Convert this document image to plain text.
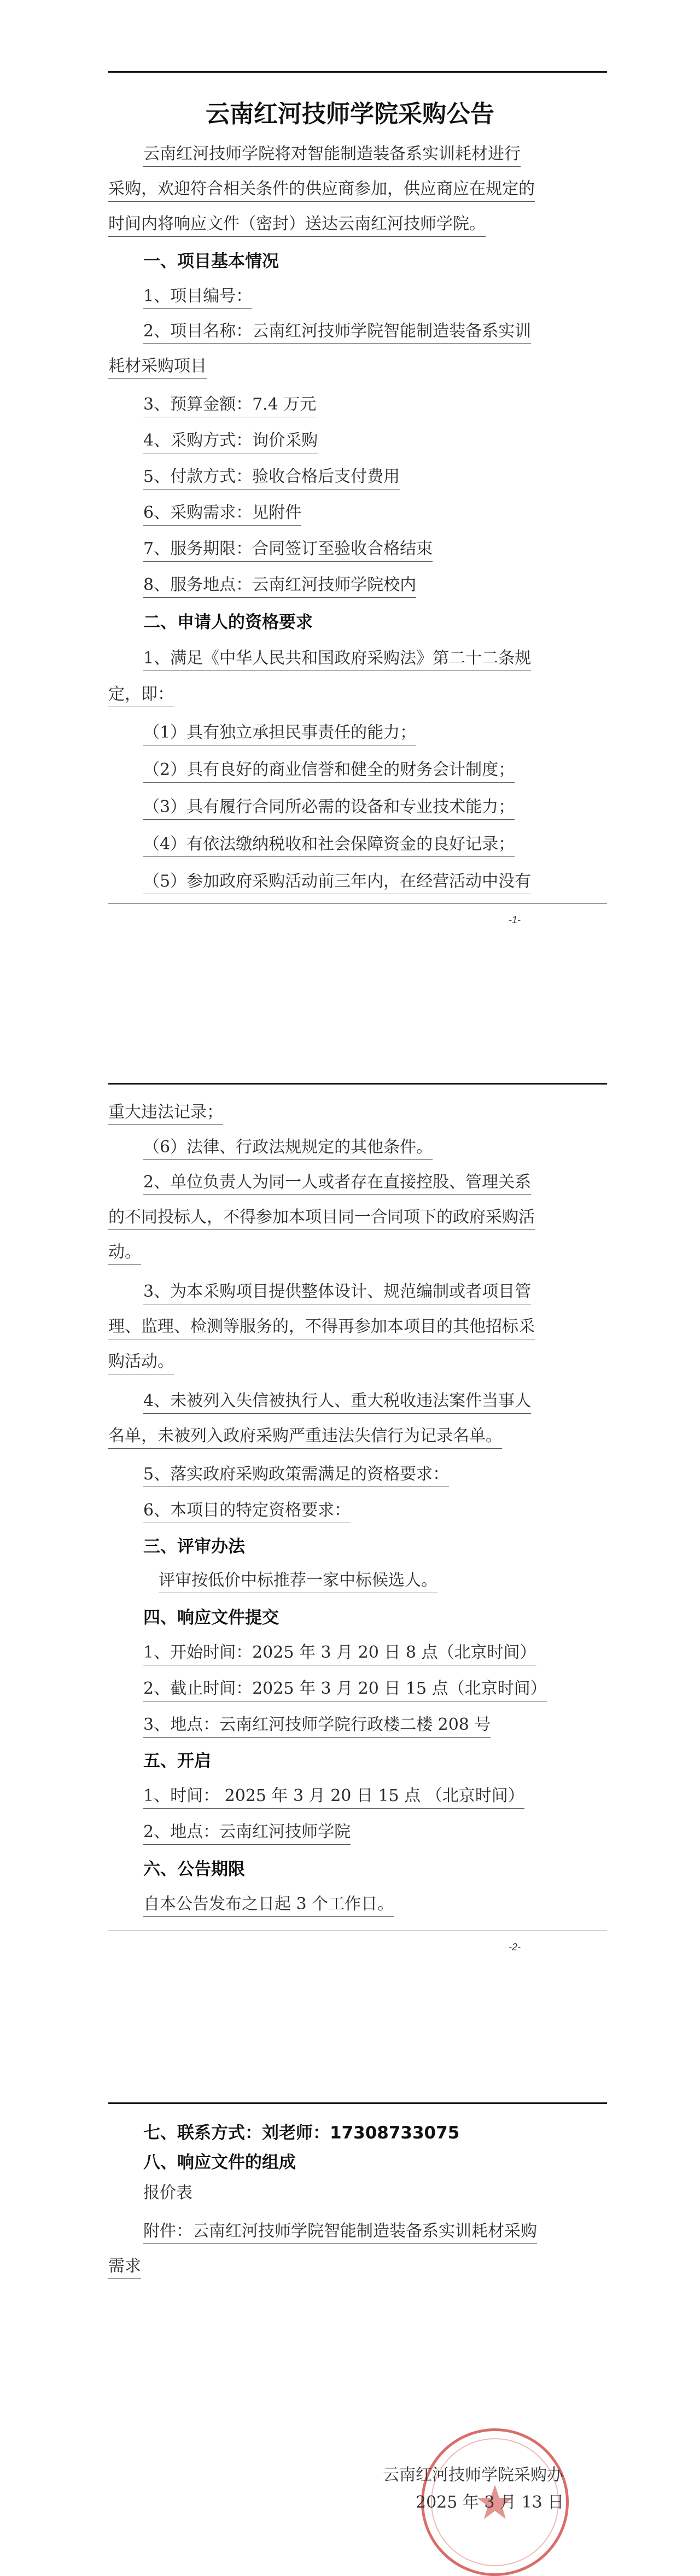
云南红河技师学院采购公告
云南红河技师学院将对智能制造装备系实训耗材进行
采购，欢迎符合相关条件的供应商参加，供应商应在规定的
时间内将响应文件（密封）送达云南红河技师学院。
一、项目基本情况
1、项目编号：
2、项目名称：云南红河技师学院智能制造装备系实训
耗材采购项目
3、预算金额：7.4 万元
4、采购方式：询价采购
5、付款方式：验收合格后支付费用
6、采购需求：见附件
7、服务期限：合同签订至验收合格结束
8、服务地点：云南红河技师学院校内
二、申请人的资格要求
1、满足《中华人民共和国政府采购法》第二十二条规
定，即：
（1）具有独立承担民事责任的能力；
（2）具有良好的商业信誉和健全的财务会计制度；
（3）具有履行合同所必需的设备和专业技术能力；
（4）有依法缴纳税收和社会保障资金的良好记录；
（5）参加政府采购活动前三年内，在经营活动中没有
-1-
重大违法记录；
（6）法律、行政法规规定的其他条件。
2、单位负责人为同一人或者存在直接控股、管理关系
的不同投标人，不得参加本项目同一合同项下的政府采购活
动。
3、为本采购项目提供整体设计、规范编制或者项目管
理、监理、检测等服务的，不得再参加本项目的其他招标采
购活动。
4、未被列入失信被执行人、重大税收违法案件当事人
名单，未被列入政府采购严重违法失信行为记录名单。
5、落实政府采购政策需满足的资格要求：
6、本项目的特定资格要求：
三、评审办法
评审按低价中标推荐一家中标候选人。
四、响应文件提交
1、开始时间：2025 年 3 月 20 日 8 点（北京时间）
2、截止时间：2025 年 3 月 20 日 15 点（北京时间）
3、地点：云南红河技师学院行政楼二楼 208 号
五、开启
1、时间： 2025 年 3 月 20 日 15 点 （北京时间）
2、地点：云南红河技师学院
六、公告期限
自本公告发布之日起 3 个工作日。
-2-
七、联系方式：刘老师：17308733075
八、响应文件的组成
报价表
附件：云南红河技师学院智能制造装备系实训耗材采购
需求
云南红河技师学院采购办
2025 年 3 月 13 日
